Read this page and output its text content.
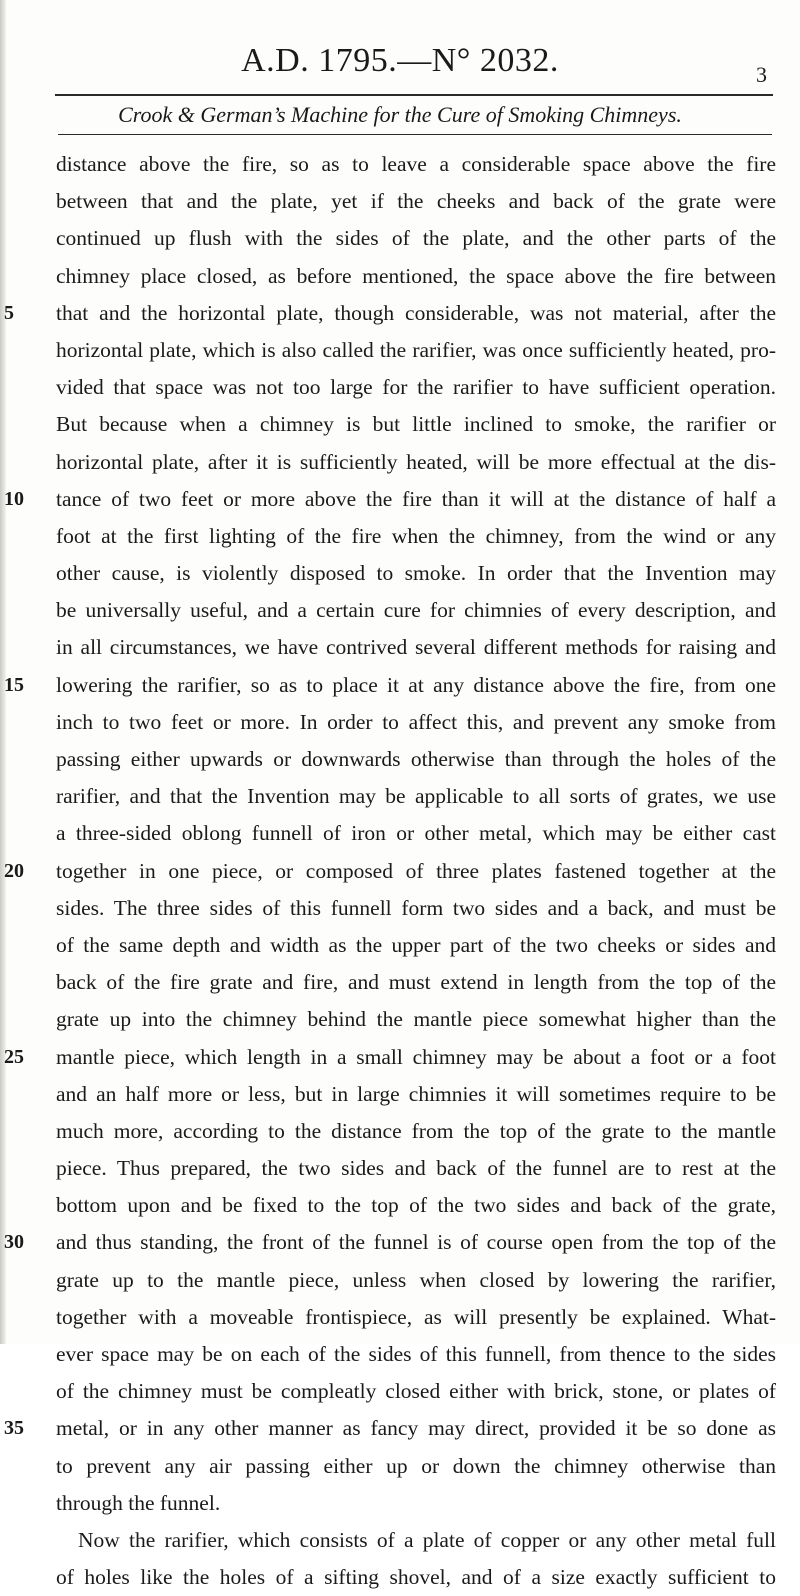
A.D. 1795.—N° 2032.	3
Crook & German’s Machine for the Cure of Smoking Chimneys.
distance above the fire, so as to leave a considerable space above the fire
between that and the plate, yet if the cheeks and back of the grate were
continued up flush with the sides of the plate, and the other parts of the
chimney place closed, as before mentioned, the space above the fire between
5	that and the horizontal plate, though considerable, was not material, after the
horizontal plate, which is also called the rarifier, was once sufficiently heated, pro-
vided that space was not too large for the rarifier to have sufficient operation.
But because when a chimney is but little inclined to smoke, the rarifier or
horizontal plate, after it is sufficiently heated, will be more effectual at the dis-
10	tance of two feet or more above the fire than it will at the distance of half a
foot at the first lighting of the fire when the chimney, from the wind or any
other cause, is violently disposed to smoke. In order that the Invention may
be universally useful, and a certain cure for chimnies of every description, and
in all circumstances, we have contrived several different methods for raising and
15	lowering the rarifier, so as to place it at any distance above the fire, from one
inch to two feet or more. In order to affect this, and prevent any smoke from
passing either upwards or downwards otherwise than through the holes of the
rarifier, and that the Invention may be applicable to all sorts of grates, we use
a three-sided oblong funnell of iron or other metal, which may be either cast
20	together in one piece, or composed of three plates fastened together at the
sides. The three sides of this funnell form two sides and a back, and must be
of the same depth and width as the upper part of the two cheeks or sides and
back of the fire grate and fire, and must extend in length from the top of the
grate up into the chimney behind the mantle piece somewhat higher than the
25	mantle piece, which length in a small chimney may be about a foot or a foot
and an half more or less, but in large chimnies it will sometimes require to be
much more, according to the distance from the top of the grate to the mantle
piece. Thus prepared, the two sides and back of the funnel are to rest at the
bottom upon and be fixed to the top of the two sides and back of the grate,
30	and thus standing, the front of the funnel is of course open from the top of the
grate up to the mantle piece, unless when closed by lowering the rarifier,
together with a moveable frontispiece, as will presently be explained. What-
ever space may be on each of the sides of this funnell, from thence to the sides
of the chimney must be compleatly closed either with brick, stone, or plates of
35	metal, or in any other manner as fancy may direct, provided it be so done as
to prevent any air passing either up or down the chimney otherwise than
through the funnel.
Now the rarifier, which consists of a plate of copper or any other metal full
of holes like the holes of a sifting shovel, and of a size exactly sufficient to
